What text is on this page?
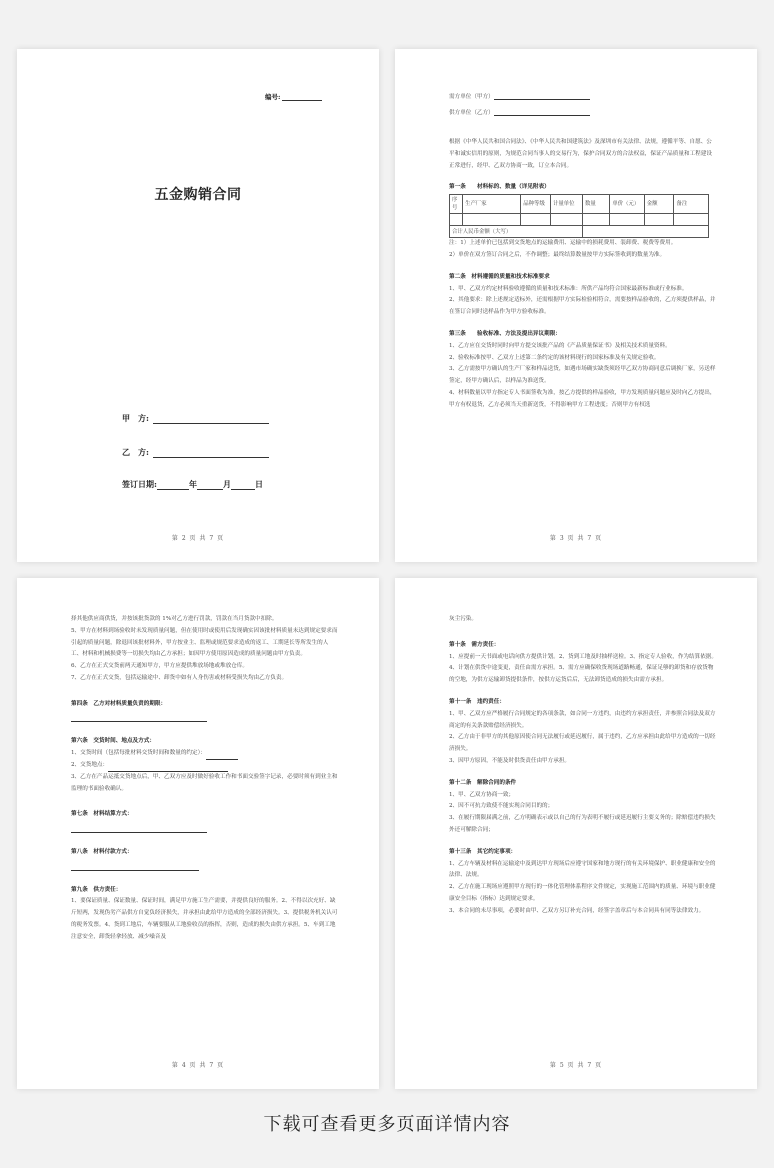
编号:
五金购销合同
甲　方:
乙　方:
签订日期:	年	月	日
第 2 页 共 7 页
需方单位（甲方）
供方单位（乙方）

根据《中华人民共和国合同法》、《中华人民共和国建筑法》及深圳市有关法律、法规，遵循平等、自愿、公平和诚实信用的原则，为规范合同当事人的交易行为，保护合同双方的合法权益，保证产品质量和工程建设正常进行，经甲、乙双方协商一致，订立本合同。

第一条　　材料标的、数量（详见附表）

序号	生产厂家	品种等级	计量单位	数量	单价（元）	金额	备注

合计人民币金额（大写）							

注：1）上述单价已包括到交货地点的运输费用、运输中的损耗费用、装卸费、税费等费用。

2）单价在双方签订合同之后，不作调整；最终结算数量按甲方实际签收到的数量为准。

第二条　材料遵循的质量和技术标准要求

1、甲、乙双方约定材料验收遵循的质量和技术标准：所供产品均符合国家最新标准或行业标准。

2、其他要求：除上述规定适标外，还需根据甲方实际检验相符合，需要按样品验收的，乙方须提供样品，并在签订合同时送样品作为甲方验收标准。

第三条　　验收标准、方法及提出异议期限：

1、乙方应在交货时同时向甲方提交该批产品的《产品质量保证书》及相关技术质量资料。

2、验收标准按甲、乙双方上述第二条约定的该材料现行的国家标准及有关规定验收。

3、乙方需按甲方确认的生产厂家和样品送货，如遇市场确实缺货须经甲乙双方协商同意后调换厂家，另送样签定，经甲方确认后，以样品为准送货。

4、材料数量以甲方指定专人书面签收为准，按乙方提供的样品验收，甲方发现质量问题应及时向乙方提出，甲方有权退货，乙方必须当天重新送货，不得影响甲方工程进度；否则甲方有权选

第 3 页 共 7 页

择其他供应商供货，并按该批货款的 1%对乙方进行罚款，罚款在当月货款中扣除。

5、甲方在材料到场验收时未发现质量问题，但在使用时或使用后发现确实因该批材料质量未达到规定要求而引起的质量问题，除退回该批材料外，甲方按业主、监理或规范要求造成的返工、工期延长等所发生的人工、材料和机械损费等一切损失均由乙方承担；如因甲方使用原因造成的质量问题由甲方负责。

6、乙方在正式交货前两天通知甲方，甲方应提供堆放场地或堆放仓库。

7、乙方在正式交货，包括运输途中、卸货中如有人身伤害或材料受损失均由乙方负责。

第四条　乙方对材料质量负责的期限：

第六条　交货时间、地点及方式：

1、交货时间（包括每批材料交货时间和数量的约定）：

2、交货地点：

3、乙方在产品运抵交货地点后，甲、乙双方应及时做好验收工作和书面交验签字记录，必要时须有到业主和监理的书面验收确认。

第七条　材料结算方式：

第八条　材料付款方式：

第九条　供方责任：

1、要保证质量、保证数量、保证时间，满足甲方施工生产需要，并提供良好的服务。2、不得以次充好、缺斤短两，发现伪劣产品供方自觉负经济损失，并承担由此给甲方造成的全部经济损失。3、提供税务机关认可的税务发票。4、货到工地后，车辆要服从工地验收员的指挥，否则，造成的损失由供方承担。5、车到工地注意安全，卸货轻拿轻放、减少噪音及

第 4 页 共 7 页

灰尘污染。

第十条　需方责任：

1、应提前一天书面或电话向供方提供计划。2、货到工地及时抽样送检。3、指定专人验收，作为结算依据。4、计划在供货中途变更，责任由需方承担。5、需方应确保收货现场道路畅通，保证足够的卸货和存放货物的空地，为供方运输卸货提供条件，按供方运货后后，无法卸货造成的损失由需方承担。

第十一条　违约责任：

1、甲、乙双方应严格履行合同规定的各项条款，如合同一方违约，由违约方承担责任，并参照合同法及双方商定的有关条款赔偿经济损失。

2、乙方由于非甲方的其他原因使合同无法履行或延迟履行，属于违约，乙方应承担由此给甲方造成的一切经济损失。

3、因甲方原因，不能及时供货责任由甲方承担。

第十二条　解除合同的条件

1、甲、乙双方协商一致；

2、因不可抗力致使不能实现合同目的的；

3、在履行期限届满之前，乙方明确表示或以自己的行为表明不履行或延迟履行主要义务的；除赔偿违约损失外还可解除合同；

第十三条　其它约定事项：

1、乙方车辆及材料在运输途中及到达甲方现场后应遵守国家和地方现行的有关环境保护、职业健康和安全的法律、法规。

2、乙方在施工现场应遵照甲方现行的一体化管理体系程序文件规定，实现施工范围内的质量、环境与职业健康安全目标（指标）达到规定要求。

3、本合同的未尽事项，必要时由甲、乙双方另订补充合同，经签字盖章后与本合同具有同等法律效力。

第 5 页 共 7 页
下载可查看更多页面详情内容
